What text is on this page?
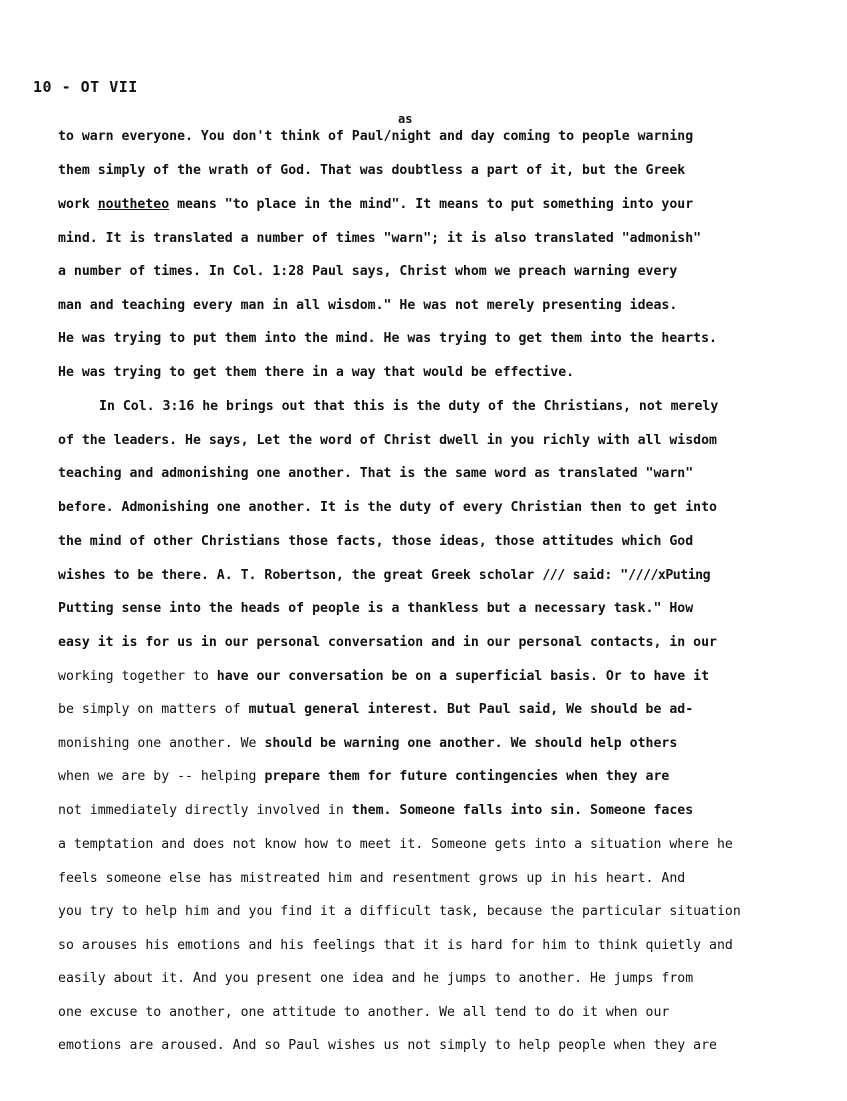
10 - OT VII
as
to warn everyone. You don't think of Paul/night and day coming to people warning
them simply of the wrath of God. That was doubtless a part of it, but the Greek
work noutheteo means "to place in the mind". It means to put something into your
mind. It is translated a number of times "warn"; it is also translated "admonish"
a number of times. In Col. 1:28 Paul says, Christ whom we preach warning every
man and teaching every man in all wisdom." He was not merely presenting ideas.
He was trying to put them into the mind. He was trying to get them into the hearts.
He was trying to get them there in a way that would be effective.
In Col. 3:16 he brings out that this is the duty of the Christians, not merely
of the leaders. He says, Let the word of Christ dwell in you richly with all wisdom
teaching and admonishing one another. That is the same word as translated "warn"
before. Admonishing one another. It is the duty of every Christian then to get into
the mind of other Christians those facts, those ideas, those attitudes which God
wishes to be there. A. T. Robertson, the great Greek scholar /// said: "////xPuting
Putting sense into the heads of people is a thankless but a necessary task." How
easy it is for us in our personal conversation and in our personal contacts, in our
working together to have our conversation be on a superficial basis. Or to have it
be simply on matters of mutual general interest. But Paul said, We should be ad-
monishing one another. We should be warning one another. We should help others
when we are by -- helping prepare them for future contingencies when they are
not immediately directly involved in them. Someone falls into sin. Someone faces
a temptation and does not know how to meet it. Someone gets into a situation where he
feels someone else has mistreated him and resentment grows up in his heart. And
you try to help him and you find it a difficult task, because the particular situation
so arouses his emotions and his feelings that it is hard for him to think quietly and
easily about it. And you present one idea and he jumps to another. He jumps from
one excuse to another, one attitude to another. We all tend to do it when our
emotions are aroused. And so Paul wishes us not simply to help people when they are
